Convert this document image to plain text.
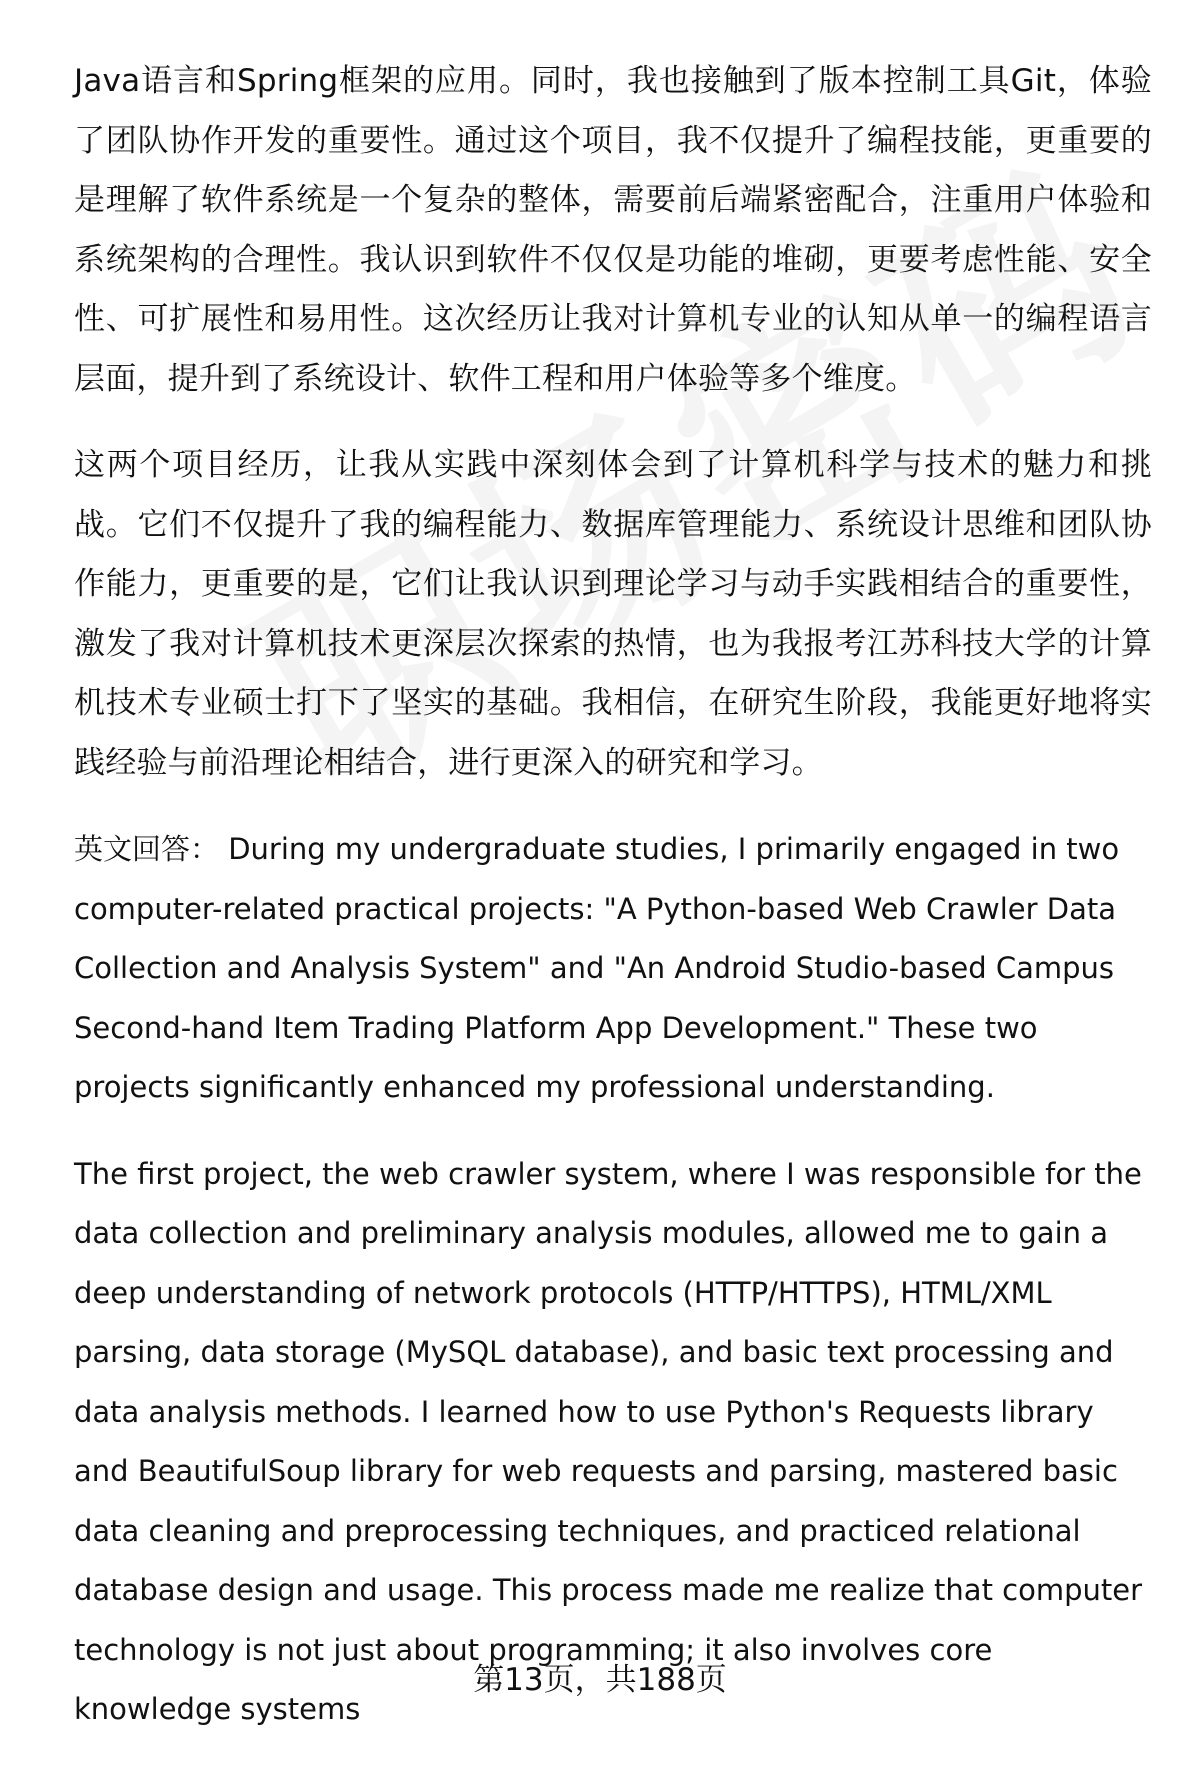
Java语言和Spring框架的应用。同时，我也接触到了版本控制工具Git，体验了团队协作开发的重要性。通过这个项目，我不仅提升了编程技能，更重要的是理解了软件系统是一个复杂的整体，需要前后端紧密配合，注重用户体验和系统架构的合理性。我认识到软件不仅仅是功能的堆砌，更要考虑性能、安全性、可扩展性和易用性。这次经历让我对计算机专业的认知从单一的编程语言层面，提升到了系统设计、软件工程和用户体验等多个维度。

这两个项目经历，让我从实践中深刻体会到了计算机科学与技术的魅力和挑战。它们不仅提升了我的编程能力、数据库管理能力、系统设计思维和团队协作能力，更重要的是，它们让我认识到理论学习与动手实践相结合的重要性，激发了我对计算机技术更深层次探索的热情，也为我报考江苏科技大学的计算机技术专业硕士打下了坚实的基础。我相信，在研究生阶段，我能更好地将实践经验与前沿理论相结合，进行更深入的研究和学习。

英文回答： During my undergraduate studies, I primarily engaged in two computer-related practical projects: "A Python-based Web Crawler Data Collection and Analysis System" and "An Android Studio-based Campus Second-hand Item Trading Platform App Development." These two projects significantly enhanced my professional understanding.

The first project, the web crawler system, where I was responsible for the data collection and preliminary analysis modules, allowed me to gain a deep understanding of network protocols (HTTP/HTTPS), HTML/XML parsing, data storage (MySQL database), and basic text processing and data analysis methods. I learned how to use Python's Requests library and BeautifulSoup library for web requests and parsing, mastered basic data cleaning and preprocessing techniques, and practiced relational database design and usage. This process made me realize that computer technology is not just about programming; it also involves core knowledge systems

第13页，共188页
